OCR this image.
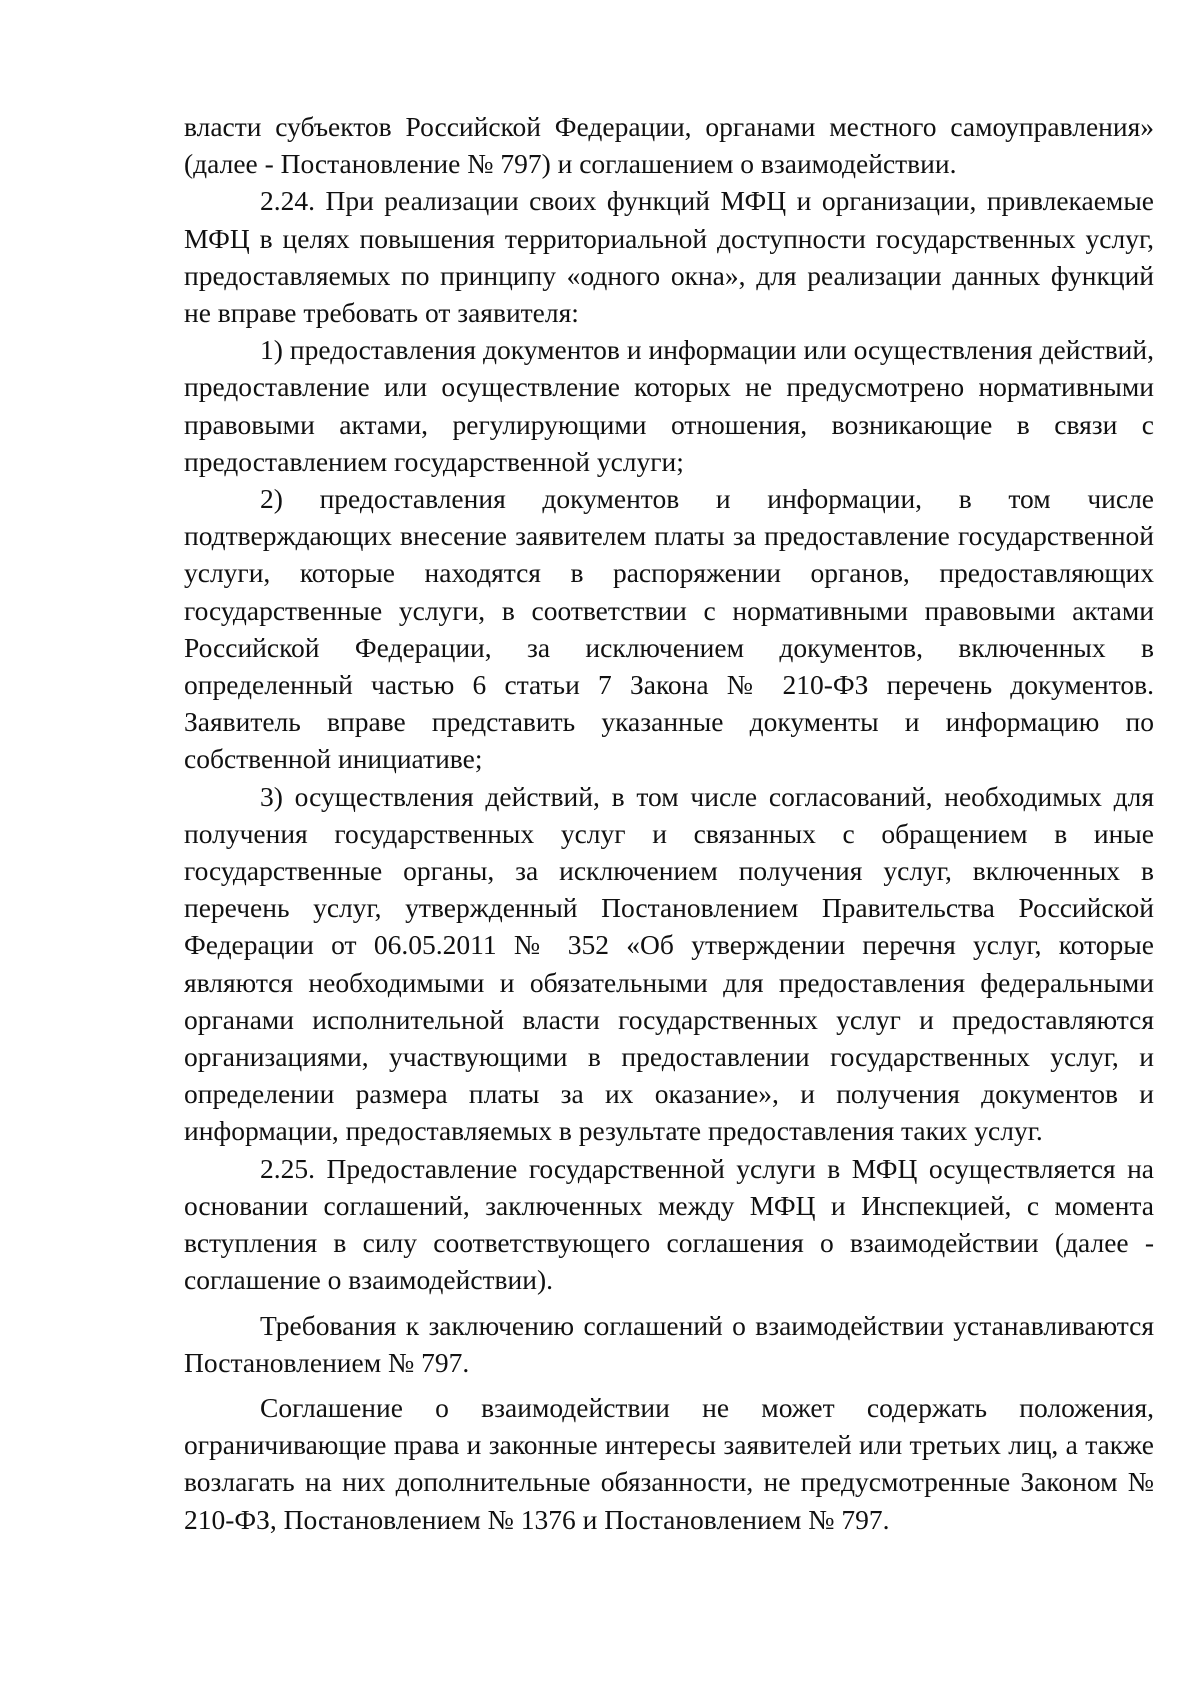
власти субъектов Российской Федерации, органами местного самоуправления» (далее - Постановление № 797) и соглашением о взаимодействии.

2.24. При реализации своих функций МФЦ и организации, привлекаемые МФЦ в целях повышения территориальной доступности государственных услуг, предоставляемых по принципу «одного окна», для реализации данных функций не вправе требовать от заявителя:

1) предоставления документов и информации или осуществления действий, предоставление или осуществление которых не предусмотрено нормативными правовыми актами, регулирующими отношения, возникающие в связи с предоставлением государственной услуги;

2) предоставления документов и информации, в том числе подтверждающих внесение заявителем платы за предоставление государственной услуги, которые находятся в распоряжении органов, предоставляющих государственные услуги, в соответствии с нормативными правовыми актами Российской Федерации, за исключением документов, включенных в определенный частью 6 статьи 7 Закона № 210-ФЗ перечень документов. Заявитель вправе представить указанные документы и информацию по собственной инициативе;

3) осуществления действий, в том числе согласований, необходимых для получения государственных услуг и связанных с обращением в иные государственные органы, за исключением получения услуг, включенных в перечень услуг, утвержденный Постановлением Правительства Российской Федерации от 06.05.2011 № 352 «Об утверждении перечня услуг, которые являются необходимыми и обязательными для предоставления федеральными органами исполнительной власти государственных услуг и предоставляются организациями, участвующими в предоставлении государственных услуг, и определении размера платы за их оказание», и получения документов и информации, предоставляемых в результате предоставления таких услуг.

2.25. Предоставление государственной услуги в МФЦ осуществляется на основании соглашений, заключенных между МФЦ и Инспекцией, с момента вступления в силу соответствующего соглашения о взаимодействии (далее - соглашение о взаимодействии).

Требования к заключению соглашений о взаимодействии устанавливаются Постановлением № 797.

Соглашение о взаимодействии не может содержать положения, ограничивающие права и законные интересы заявителей или третьих лиц, а также возлагать на них дополнительные обязанности, не предусмотренные Законом № 210-ФЗ, Постановлением № 1376 и Постановлением № 797.
